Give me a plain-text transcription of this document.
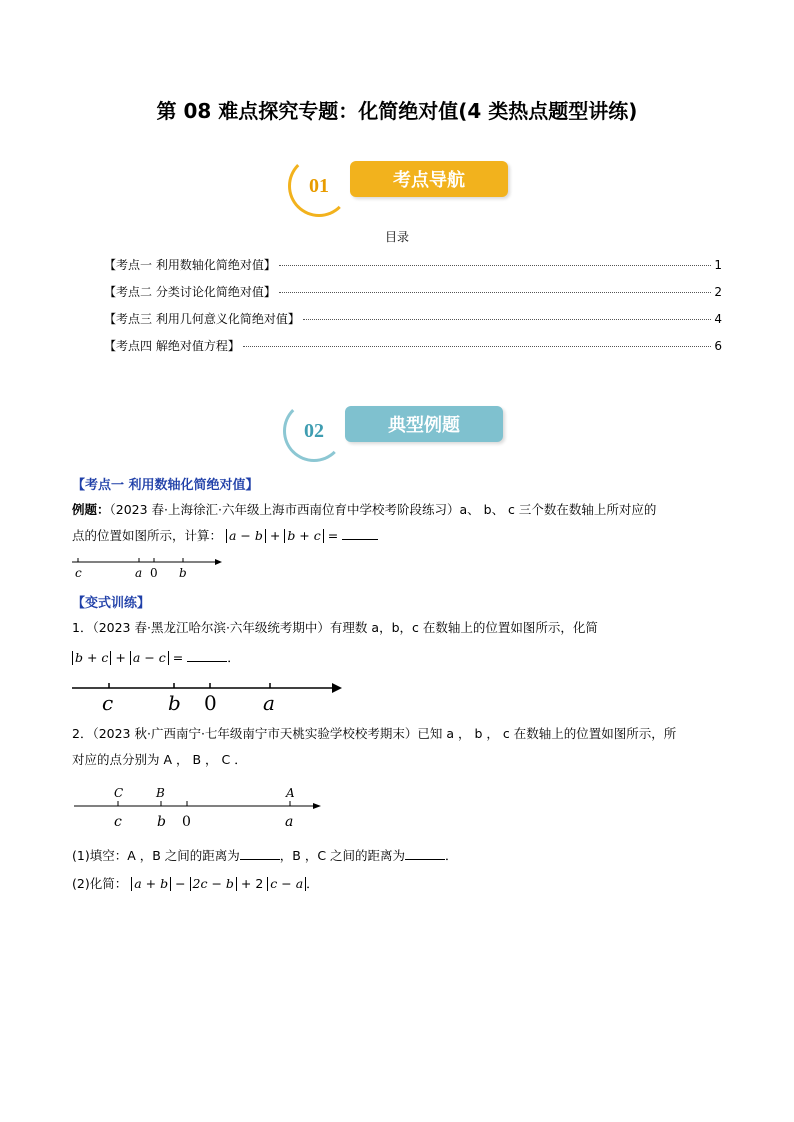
第 08 难点探究专题：化简绝对值(4 类热点题型讲练)
01	考点导航
目录
【考点一 利用数轴化简绝对值】	1
【考点二 分类讨论化简绝对值】	2
【考点三 利用几何意义化简绝对值】	4
【考点四 解绝对值方程】	6
02	典型例题
【考点一 利用数轴化简绝对值】
例题：（2023 春·上海徐汇·六年级上海市西南位育中学校考阶段练习）a、 b、 c 三个数在数轴上所对应的
点的位置如图所示，计算： a − b + b + c =
c	a 0 b
【变式训练】
1．（2023 春·黑龙江哈尔滨·六年级统考期中）有理数 a，b，c 在数轴上的位置如图所示，化简
b + c + a − c =	．
c	b 0 a
2．（2023 秋·广西南宁·七年级南宁市天桃实验学校校考期末）已知 a ， b ， c 在数轴上的位置如图所示，所
对应的点分别为 A ， B ， C ．
C	B	A
c	b 0	a
(1)填空：A ，B 之间的距离为	，B ，C 之间的距离为	．
(2)化简： a + b − 2c − b + 2 c − a ．
